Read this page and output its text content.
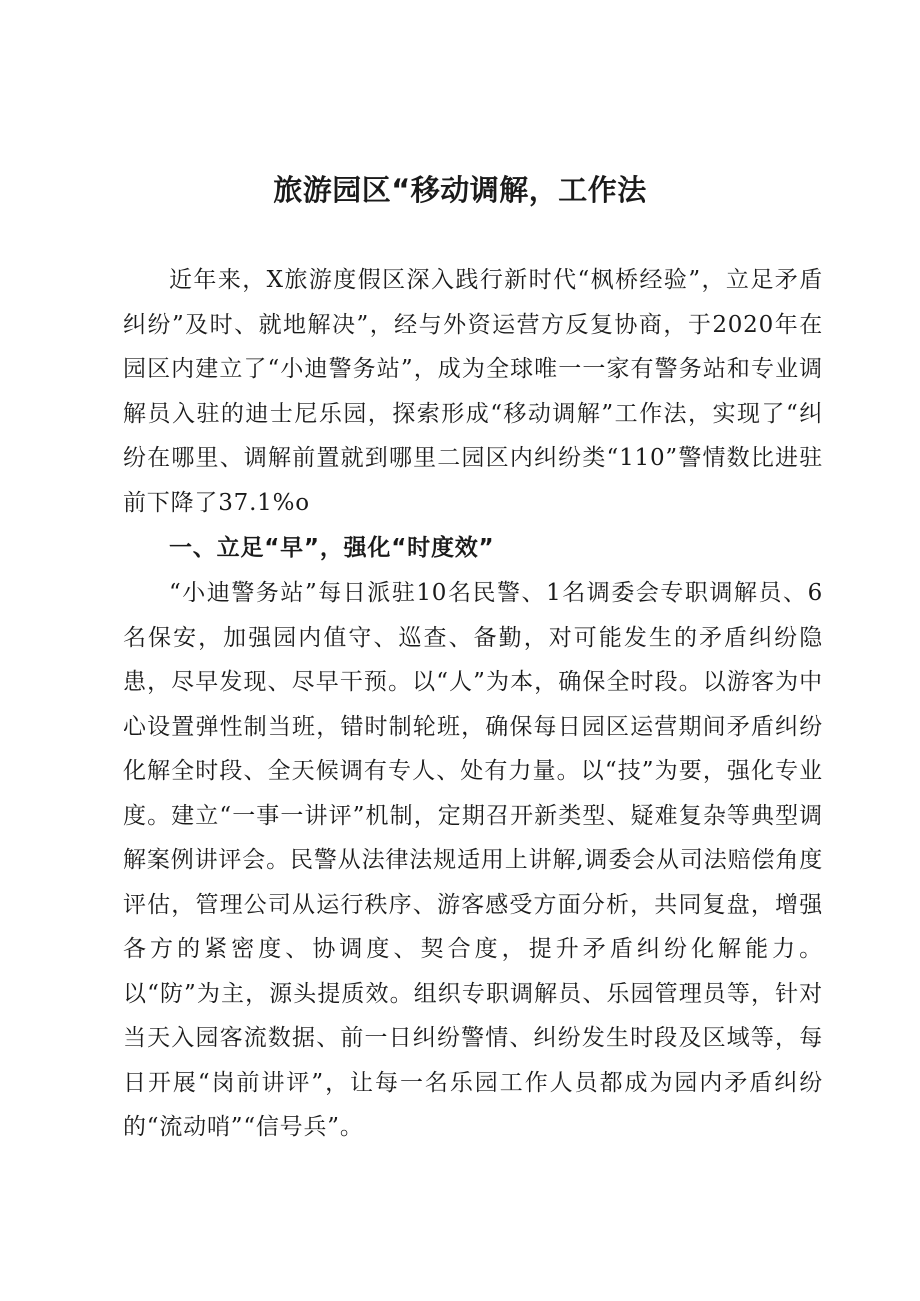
旅游园区“移动调解，工作法

近年来，X旅游度假区深入践行新时代“枫桥经验”，立足矛盾纠纷”及时、就地解决”，经与外资运营方反复协商，于2020年在园区内建立了“小迪警务站”，成为全球唯一一家有警务站和专业调解员入驻的迪士尼乐园，探索形成“移动调解”工作法，实现了“纠纷在哪里、调解前置就到哪里二园区内纠纷类“110”警情数比进驻前下降了37.1%o

一、立足“早”，强化“时度效”

“小迪警务站”每日派驻10名民警、1名调委会专职调解员、6名保安，加强园内值守、巡查、备勤，对可能发生的矛盾纠纷隐患，尽早发现、尽早干预。以“人”为本，确保全时段。以游客为中心设置弹性制当班，错时制轮班，确保每日园区运营期间矛盾纠纷化解全时段、全天候调有专人、处有力量。以“技”为要，强化专业度。建立“一事一讲评”机制，定期召开新类型、疑难复杂等典型调解案例讲评会。民警从法律法规适用上讲解,调委会从司法赔偿角度评估，管理公司从运行秩序、游客感受方面分析，共同复盘，增强各方的紧密度、协调度、契合度，提升矛盾纠纷化解能力。以“防”为主，源头提质效。组织专职调解员、乐园管理员等，针对当天入园客流数据、前一日纠纷警情、纠纷发生时段及区域等，每日开展“岗前讲评”，让每一名乐园工作人员都成为园内矛盾纠纷的“流动哨”“信号兵”。
